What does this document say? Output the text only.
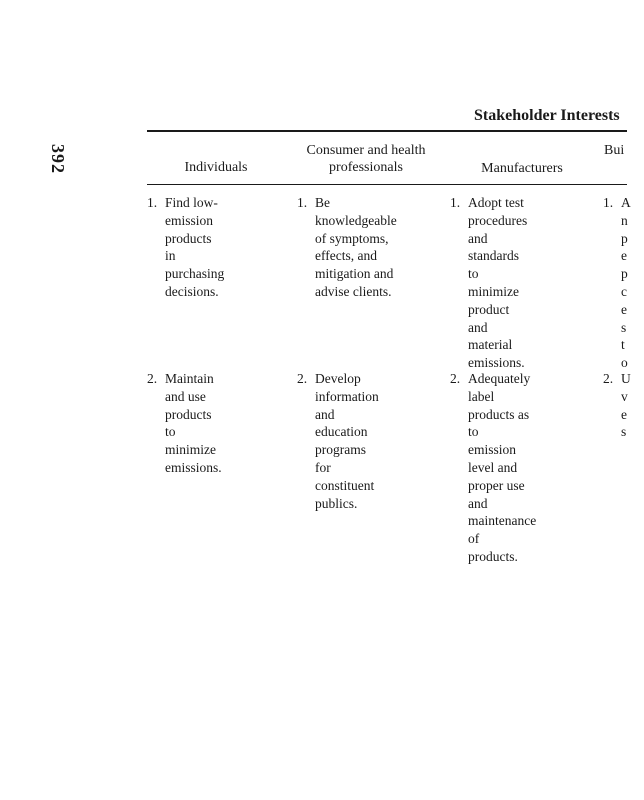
392
Stakeholder Interests
Individuals
Consumer and health
professionals	Manufacturers
Bui
1. Find low-emission
products in
purchasing
decisions.
1. Be knowledgeable
of symptoms,
effects, and
mitigation and
advise clients.
1. Adopt test
procedures and
standards to
minimize product
and material
emissions.
1. A
n
p
e
p
c
e
s
t
o
2. Maintain and use
products to
minimize
emissions.
2. Develop
information and
education
programs for
constituent publics.
2. Adequately label
products as to
emission level and
proper use and
maintenance of
products.
2. U
v
e
s
